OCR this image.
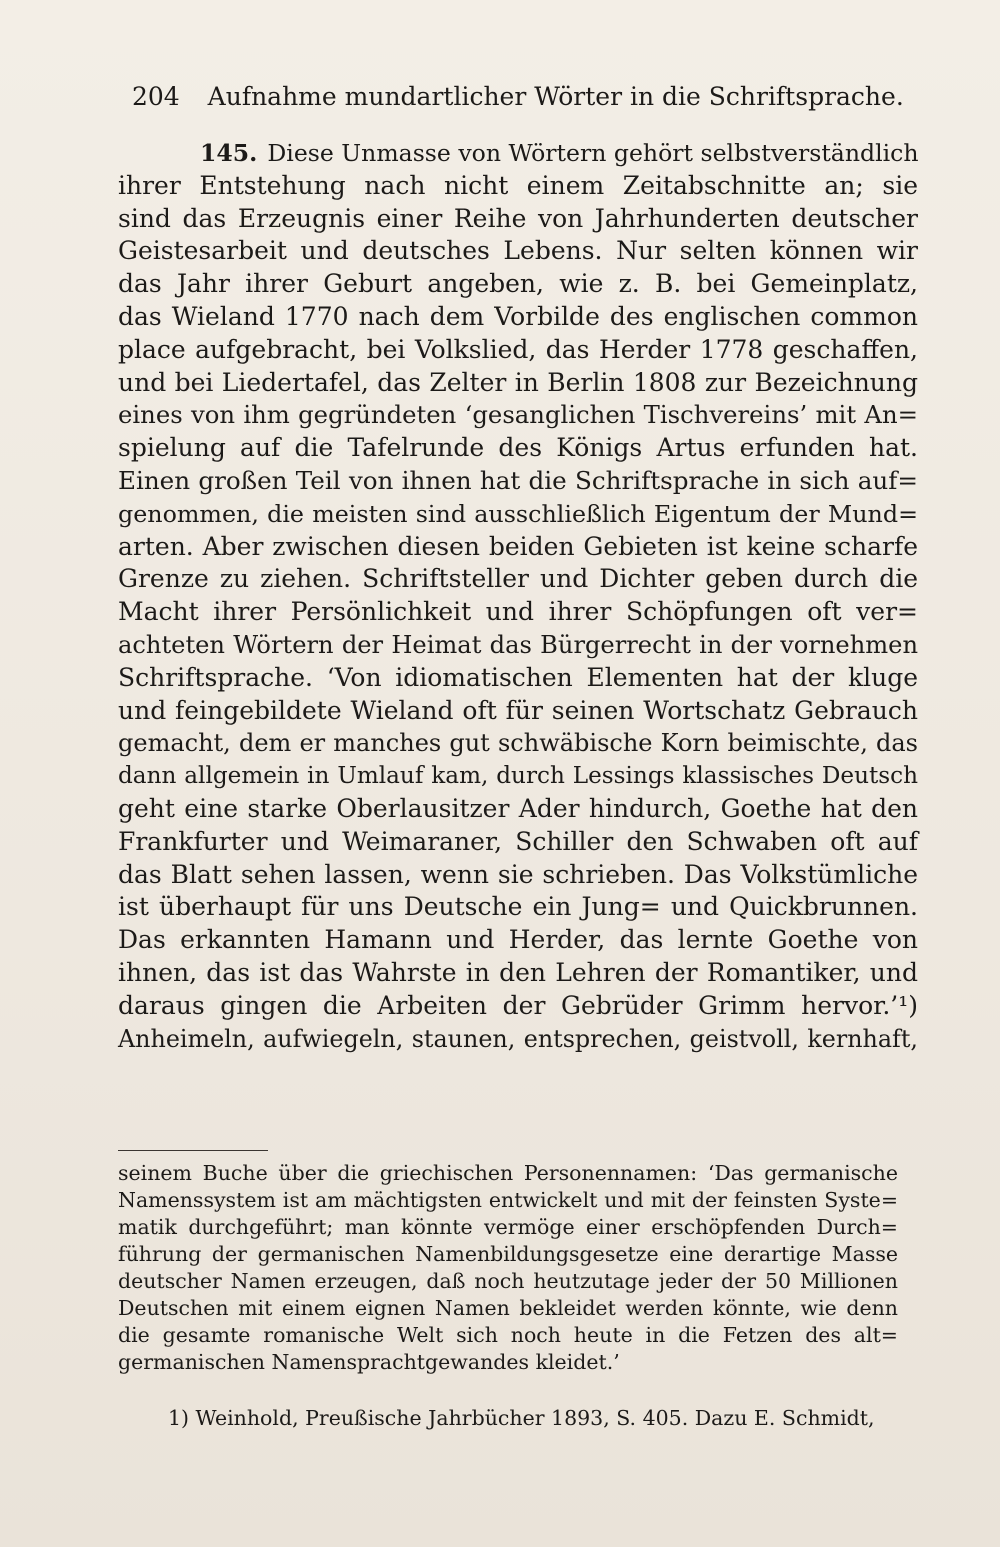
204 Aufnahme mundartlicher Wörter in die Schriftsprache.
145. Diese Unmasse von Wörtern gehört selbstverständlich
ihrer Entstehung nach nicht einem Zeitabschnitte an; sie
sind das Erzeugnis einer Reihe von Jahrhunderten deutscher
Geistesarbeit und deutsches Lebens. Nur selten können wir
das Jahr ihrer Geburt angeben, wie z. B. bei Gemeinplatz,
das Wieland 1770 nach dem Vorbilde des englischen common
place aufgebracht, bei Volkslied, das Herder 1778 geschaffen,
und bei Liedertafel, das Zelter in Berlin 1808 zur Bezeichnung
eines von ihm gegründeten ‘gesanglichen Tischvereins’ mit An=
spielung auf die Tafelrunde des Königs Artus erfunden hat.
Einen großen Teil von ihnen hat die Schriftsprache in sich auf=
genommen, die meisten sind ausschließlich Eigentum der Mund=
arten. Aber zwischen diesen beiden Gebieten ist keine scharfe
Grenze zu ziehen. Schriftsteller und Dichter geben durch die
Macht ihrer Persönlichkeit und ihrer Schöpfungen oft ver=
achteten Wörtern der Heimat das Bürgerrecht in der vornehmen
Schriftsprache. ‘Von idiomatischen Elementen hat der kluge
und feingebildete Wieland oft für seinen Wortschatz Gebrauch
gemacht, dem er manches gut schwäbische Korn beimischte, das
dann allgemein in Umlauf kam, durch Lessings klassisches Deutsch
geht eine starke Oberlausitzer Ader hindurch, Goethe hat den
Frankfurter und Weimaraner, Schiller den Schwaben oft auf
das Blatt sehen lassen, wenn sie schrieben. Das Volkstümliche
ist überhaupt für uns Deutsche ein Jung= und Quickbrunnen.
Das erkannten Hamann und Herder, das lernte Goethe von
ihnen, das ist das Wahrste in den Lehren der Romantiker, und
daraus gingen die Arbeiten der Gebrüder Grimm hervor.’¹)
Anheimeln, aufwiegeln, staunen, entsprechen, geistvoll, kernhaft,
seinem Buche über die griechischen Personennamen: ‘Das germanische
Namenssystem ist am mächtigsten entwickelt und mit der feinsten Syste=
matik durchgeführt; man könnte vermöge einer erschöpfenden Durch=
führung der germanischen Namenbildungsgesetze eine derartige Masse
deutscher Namen erzeugen, daß noch heutzutage jeder der 50 Millionen
Deutschen mit einem eignen Namen bekleidet werden könnte, wie denn
die gesamte romanische Welt sich noch heute in die Fetzen des alt=
germanischen Namensprachtgewandes kleidet.’
1) Weinhold, Preußische Jahrbücher 1893, S. 405. Dazu E. Schmidt,
